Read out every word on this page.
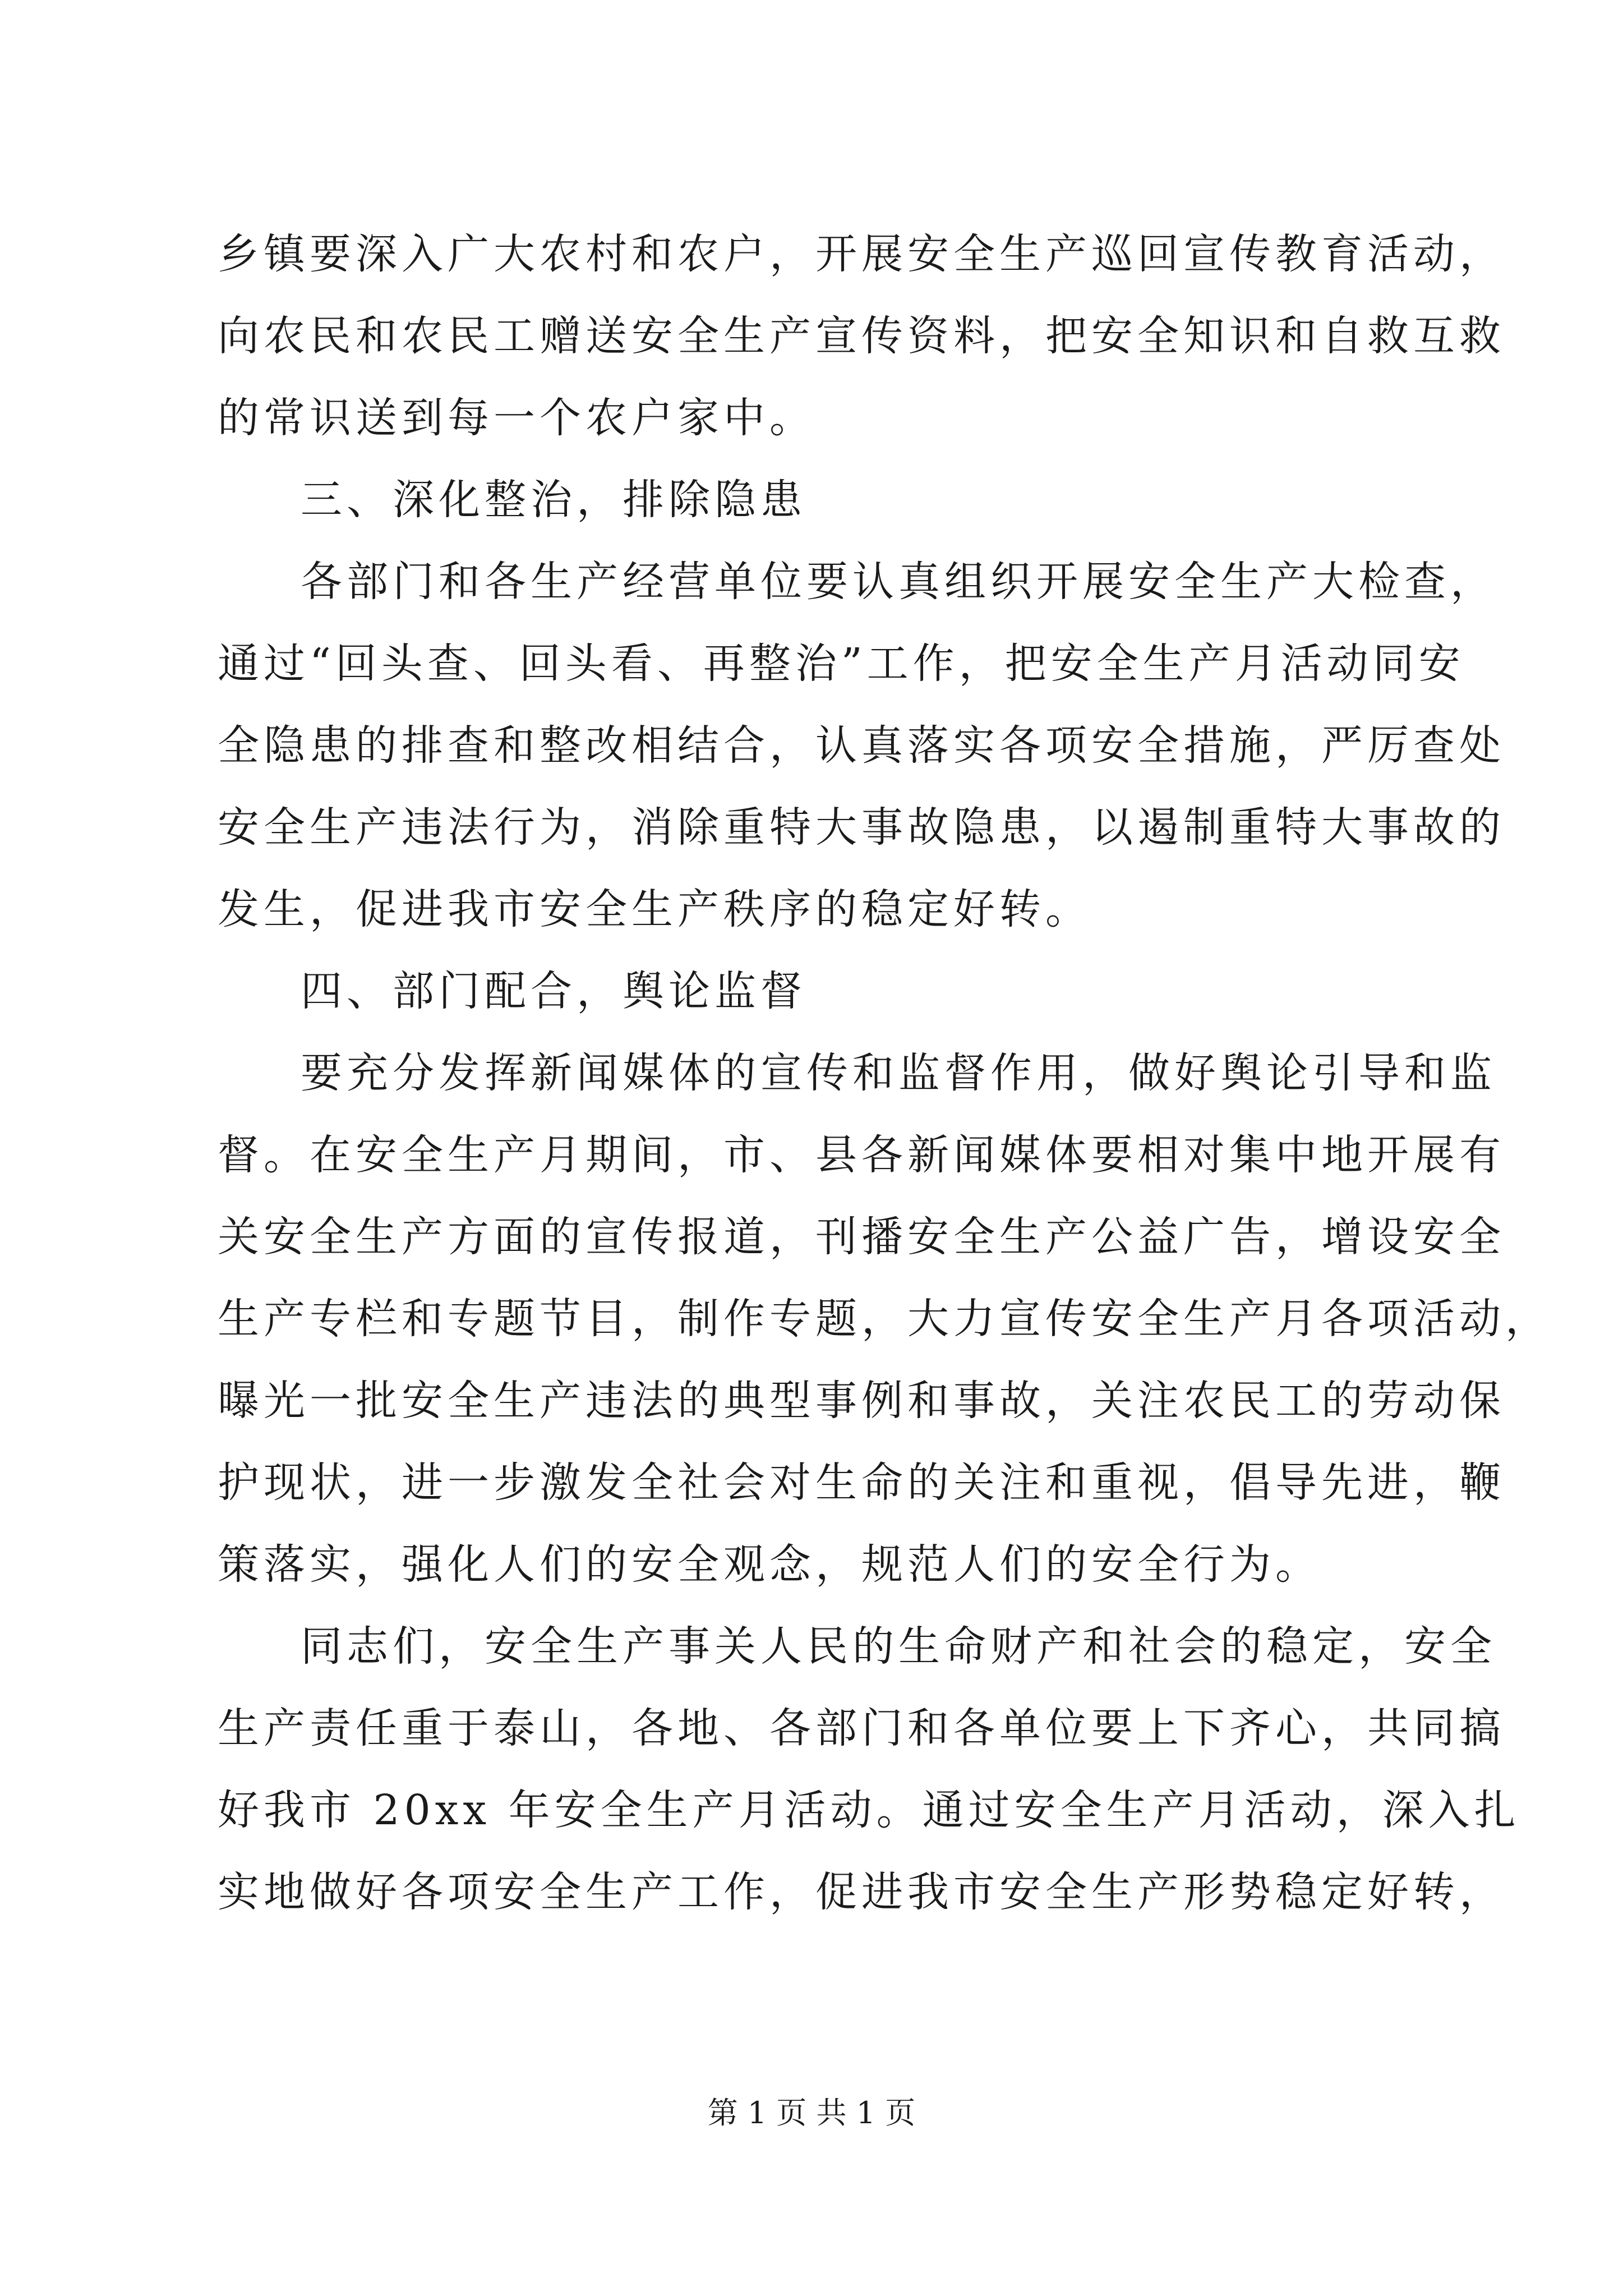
乡镇要深入广大农村和农户，开展安全生产巡回宣传教育活动，
向农民和农民工赠送安全生产宣传资料，把安全知识和自救互救
的常识送到每一个农户家中。
三、深化整治，排除隐患
各部门和各生产经营单位要认真组织开展安全生产大检查，
通过“回头查、回头看、再整治”工作，把安全生产月活动同安
全隐患的排查和整改相结合，认真落实各项安全措施，严厉查处
安全生产违法行为，消除重特大事故隐患，以遏制重特大事故的
发生，促进我市安全生产秩序的稳定好转。
四、部门配合，舆论监督
要充分发挥新闻媒体的宣传和监督作用，做好舆论引导和监
督。在安全生产月期间，市、县各新闻媒体要相对集中地开展有
关安全生产方面的宣传报道，刊播安全生产公益广告，增设安全
生产专栏和专题节目，制作专题，大力宣传安全生产月各项活动，
曝光一批安全生产违法的典型事例和事故，关注农民工的劳动保
护现状，进一步激发全社会对生命的关注和重视，倡导先进，鞭
策落实，强化人们的安全观念，规范人们的安全行为。
同志们，安全生产事关人民的生命财产和社会的稳定，安全
生产责任重于泰山，各地、各部门和各单位要上下齐心，共同搞
好我市 20xx 年安全生产月活动。通过安全生产月活动，深入扎
实地做好各项安全生产工作，促进我市安全生产形势稳定好转，
第 1 页 共 1 页
